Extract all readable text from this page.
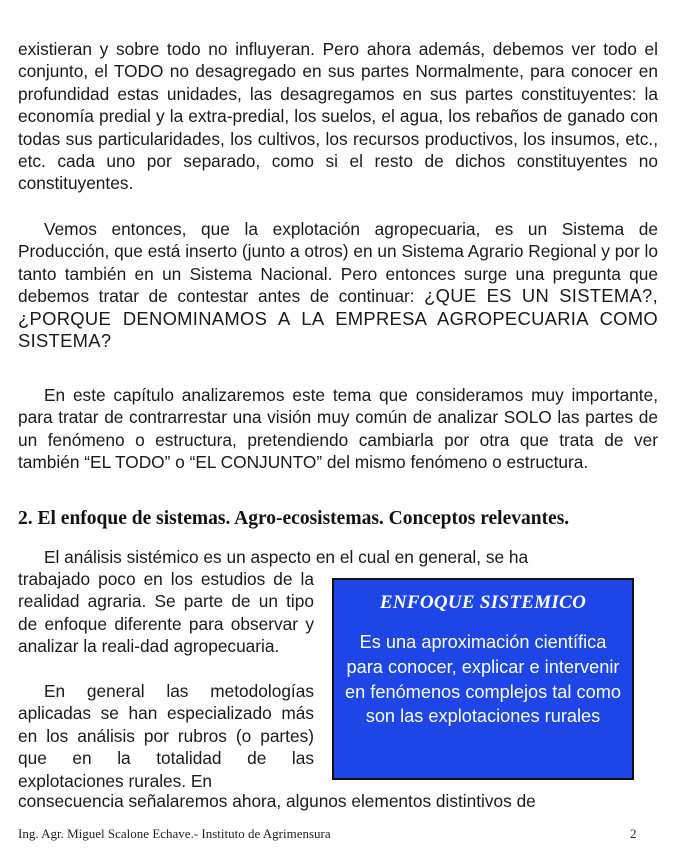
existieran y sobre todo no influyeran. Pero ahora además, debemos ver todo el conjunto, el TODO no desagregado en sus partes Normalmente, para conocer en profundidad estas unidades, las desagregamos en sus partes constituyentes: la economía predial y la extra-predial, los suelos, el agua, los rebaños de ganado con todas sus particularidades, los cultivos, los recursos productivos, los insumos, etc., etc. cada uno por separado, como si el resto de dichos constituyentes no constituyentes.

Vemos entonces, que la explotación agropecuaria, es un Sistema de Producción, que está inserto (junto a otros) en un Sistema Agrario Regional y por lo tanto también en un Sistema Nacional. Pero entonces surge una pregunta que debemos tratar de contestar antes de continuar: ¿QUE ES UN SISTEMA?, ¿PORQUE DENOMINAMOS A LA EMPRESA AGROPECUARIA COMO SISTEMA?

En este capítulo analizaremos este tema que consideramos muy importante, para tratar de contrarrestar una visión muy común de analizar SOLO las partes de un fenómeno o estructura, pretendiendo cambiarla por otra que trata de ver también “EL TODO” o “EL CONJUNTO” del mismo fenómeno o estructura.

2. El enfoque de sistemas. Agro-ecosistemas. Conceptos relevantes.

El análisis sistémico es un aspecto en el cual en general, se ha

trabajado poco en los estudios de la realidad agraria. Se parte de un tipo de enfoque diferente para observar y analizar la reali-dad agropecuaria.

En general las metodologías aplicadas se han especializado más en los análisis por rubros (o partes) que en la totalidad de las explotaciones rurales. En

consecuencia señalaremos ahora, algunos elementos distintivos de

ENFOQUE SISTEMICO
Es una aproximación científica para conocer, explicar e intervenir en fenómenos complejos tal como son las explotaciones rurales
Ing. Agr. Miguel Scalone Echave.- Instituto de Agrimensura	2
